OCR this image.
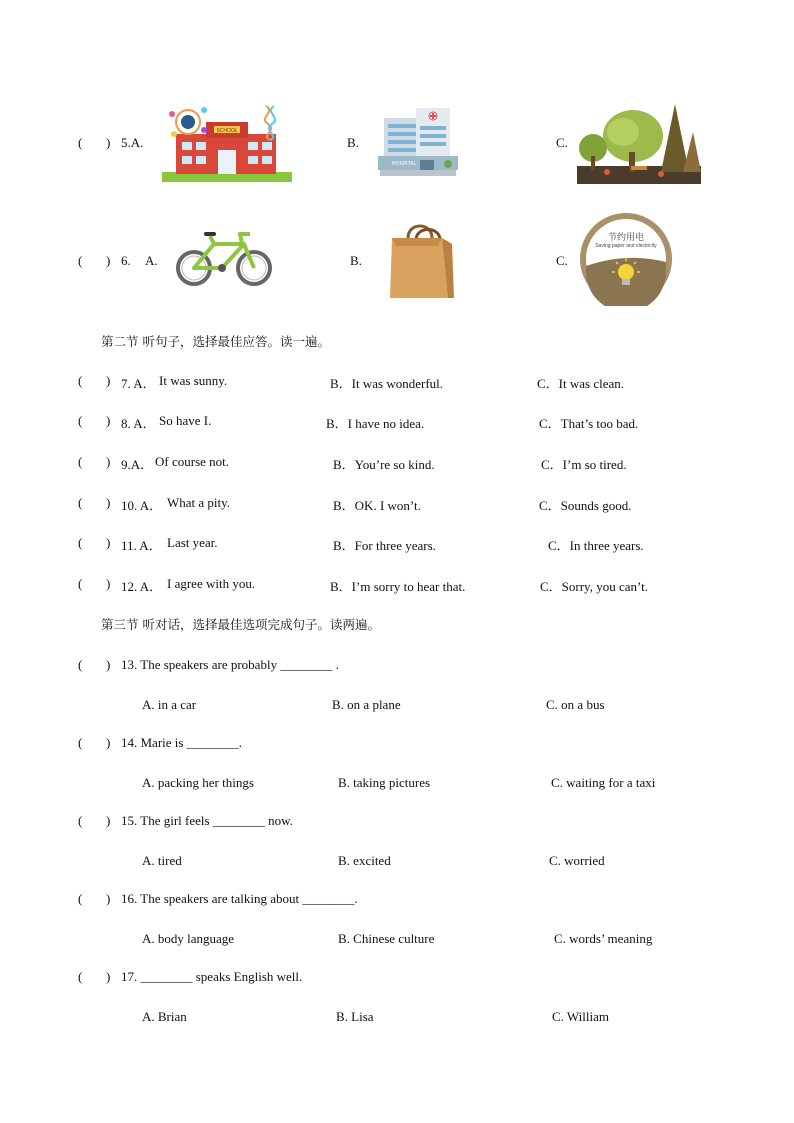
( ) 5.A.
SCHOOL
B.
HOSPITAL
C.
( ) 6. A.	B.	C.
节约用电
Saving paper and electricity
第二节 听句子，选择最佳应答。读一遍。
( ) 7. A． It was sunny.	B．It was wonderful.	C．It was clean.
( ) 8. A． So have I.	B．I have no idea.	C．That’s too bad.
( ) 9.A． Of course not.	B．You’re so kind.	C．I’m so tired.
( ) 10. A． What a pity.	B．OK. I won’t.	C．Sounds good.
( ) 11. A． Last year.	B．For three years.	C．In three years.
( ) 12. A． I agree with you.	B．I’m sorry to hear that.	C．Sorry, you can’t.
第三节 听对话，选择最佳选项完成句子。读两遍。
( ) 13. The speakers are probably ________ .
A. in a car	B. on a plane	C. on a bus
( ) 14. Marie is ________.
A. packing her things	B. taking pictures	C. waiting for a taxi
( ) 15. The girl feels ________ now.
A. tired	B. excited	C. worried
( ) 16. The speakers are talking about ________.
A. body language	B. Chinese culture	C. words’ meaning
( ) 17. ________ speaks English well.
A. Brian	B. Lisa	C. William
